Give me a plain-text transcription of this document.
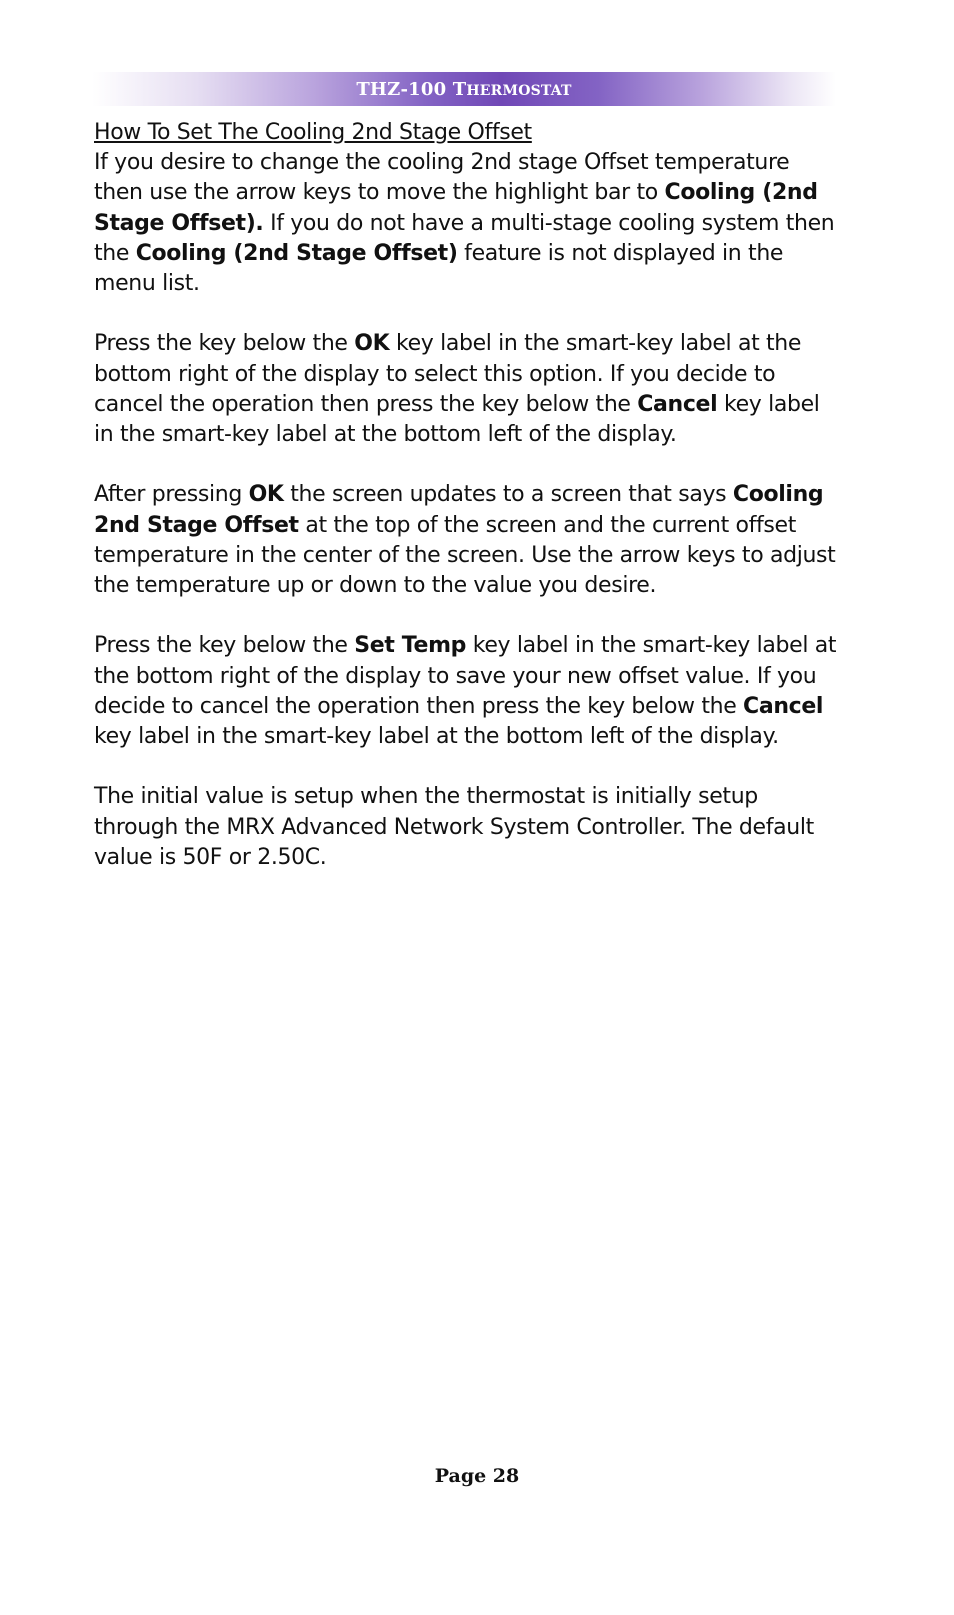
THZ-100 THERMOSTAT
How To Set The Cooling 2nd Stage Offset

If you desire to change the cooling 2nd stage Offset temperature then use the arrow keys to move the highlight bar to Cooling (2nd Stage Offset). If you do not have a multi-stage cooling system then the Cooling (2nd Stage Offset) feature is not displayed in the menu list.

Press the key below the OK key label in the smart-key label at the bottom right of the display to select this option. If you decide to cancel the operation then press the key below the Cancel key label in the smart-key label at the bottom left of the display.

After pressing OK the screen updates to a screen that says Cooling 2nd Stage Offset at the top of the screen and the current offset temperature in the center of the screen. Use the arrow keys to adjust the temperature up or down to the value you desire.

Press the key below the Set Temp key label in the smart-key label at the bottom right of the display to save your new offset value. If you decide to cancel the operation then press the key below the Cancel key label in the smart-key label at the bottom left of the display.

The initial value is setup when the thermostat is initially setup through the MRX Advanced Network System Controller. The default value is 50F or 2.50C.

Page 28
